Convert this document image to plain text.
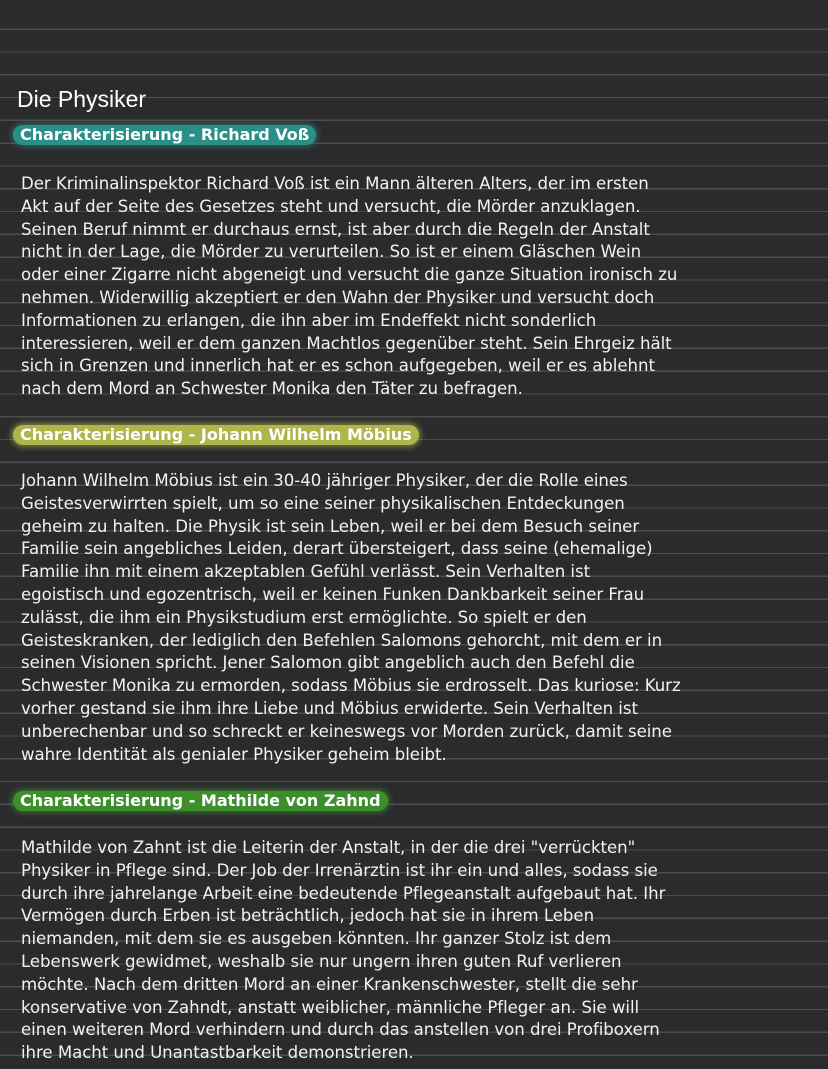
Die Physiker
Charakterisierung - Richard Voß

Der Kriminalinspektor Richard Voß ist ein Mann älteren Alters, der im ersten
Akt auf der Seite des Gesetzes steht und versucht, die Mörder anzuklagen.
Seinen Beruf nimmt er durchaus ernst, ist aber durch die Regeln der Anstalt
nicht in der Lage, die Mörder zu verurteilen. So ist er einem Gläschen Wein
oder einer Zigarre nicht abgeneigt und versucht die ganze Situation ironisch zu
nehmen. Widerwillig akzeptiert er den Wahn der Physiker und versucht doch
Informationen zu erlangen, die ihn aber im Endeffekt nicht sonderlich
interessieren, weil er dem ganzen Machtlos gegenüber steht. Sein Ehrgeiz hält
sich in Grenzen und innerlich hat er es schon aufgegeben, weil er es ablehnt
nach dem Mord an Schwester Monika den Täter zu befragen.

Charakterisierung - Johann Wilhelm Möbius

Johann Wilhelm Möbius ist ein 30-40 jähriger Physiker, der die Rolle eines
Geistesverwirrten spielt, um so eine seiner physikalischen Entdeckungen
geheim zu halten. Die Physik ist sein Leben, weil er bei dem Besuch seiner
Familie sein angebliches Leiden, derart übersteigert, dass seine (ehemalige)
Familie ihn mit einem akzeptablen Gefühl verlässt. Sein Verhalten ist
egoistisch und egozentrisch, weil er keinen Funken Dankbarkeit seiner Frau
zulässt, die ihm ein Physikstudium erst ermöglichte. So spielt er den
Geisteskranken, der lediglich den Befehlen Salomons gehorcht, mit dem er in
seinen Visionen spricht. Jener Salomon gibt angeblich auch den Befehl die
Schwester Monika zu ermorden, sodass Möbius sie erdrosselt. Das kuriose: Kurz
vorher gestand sie ihm ihre Liebe und Möbius erwiderte. Sein Verhalten ist
unberechenbar und so schreckt er keineswegs vor Morden zurück, damit seine
wahre Identität als genialer Physiker geheim bleibt.

Charakterisierung - Mathilde von Zahnd

Mathilde von Zahnt ist die Leiterin der Anstalt, in der die drei "verrückten"
Physiker in Pflege sind. Der Job der Irrenärztin ist ihr ein und alles, sodass sie
durch ihre jahrelange Arbeit eine bedeutende Pflegeanstalt aufgebaut hat. Ihr
Vermögen durch Erben ist beträchtlich, jedoch hat sie in ihrem Leben
niemanden, mit dem sie es ausgeben könnten. Ihr ganzer Stolz ist dem
Lebenswerk gewidmet, weshalb sie nur ungern ihren guten Ruf verlieren
möchte. Nach dem dritten Mord an einer Krankenschwester, stellt die sehr
konservative von Zahndt, anstatt weiblicher, männliche Pfleger an. Sie will
einen weiteren Mord verhindern und durch das anstellen von drei Profiboxern
ihre Macht und Unantastbarkeit demonstrieren.
